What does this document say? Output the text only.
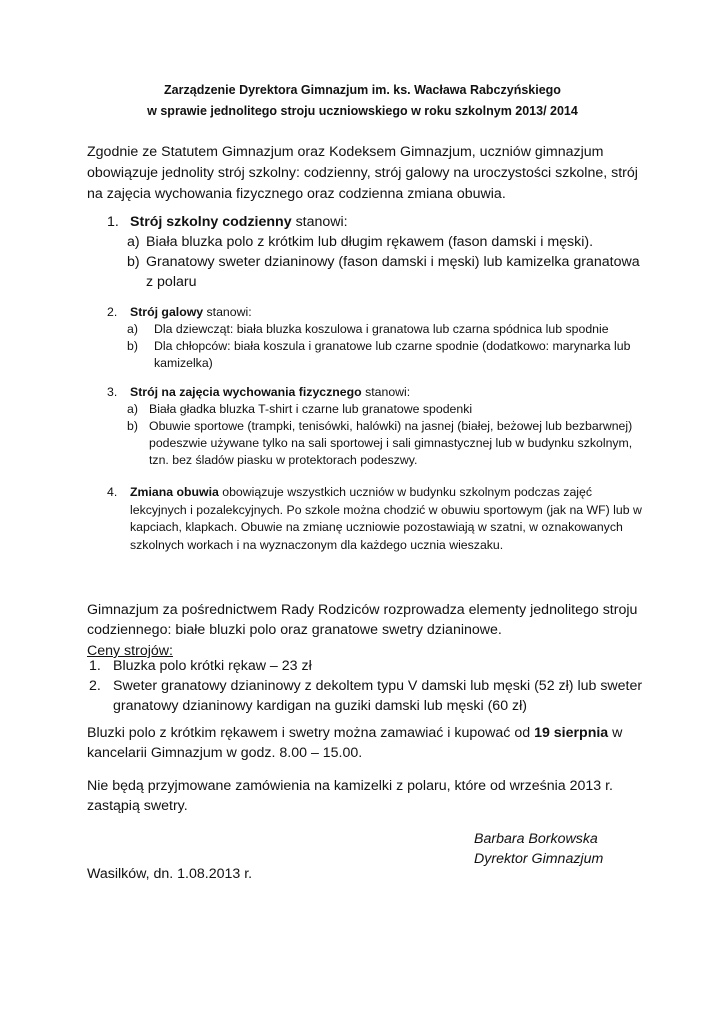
Zarządzenie Dyrektora Gimnazjum im. ks. Wacława Rabczyńskiego
w sprawie jednolitego stroju uczniowskiego w roku szkolnym 2013/ 2014
Zgodnie ze Statutem Gimnazjum oraz Kodeksem Gimnazjum, uczniów gimnazjum obowiązuje jednolity strój szkolny: codzienny, strój galowy na uroczystości szkolne, strój na zajęcia wychowania fizycznego oraz codzienna zmiana obuwia.
1. Strój szkolny codzienny stanowi:
a) Biała bluzka polo z krótkim lub długim rękawem (fason damski i męski).
b) Granatowy sweter dzianinowy (fason damski i męski) lub kamizelka granatowa z polaru
2. Strój galowy stanowi:
a) Dla dziewcząt: biała bluzka koszulowa i granatowa lub czarna spódnica lub spodnie
b) Dla chłopców: biała koszula i granatowe lub czarne spodnie (dodatkowo: marynarka lub kamizelka)
3. Strój na zajęcia wychowania fizycznego stanowi:
a) Biała gładka bluzka T-shirt i czarne lub granatowe spodenki
b) Obuwie sportowe (trampki, tenisówki, halówki) na jasnej (białej, beżowej lub bezbarwnej) podeszwie używane tylko na sali sportowej i sali gimnastycznej lub w budynku szkolnym, tzn. bez śladów piasku w protektorach podeszwy.
4. Zmiana obuwia obowiązuje wszystkich uczniów w budynku szkolnym podczas zajęć lekcyjnych i pozalekcyjnych. Po szkole można chodzić w obuwiu sportowym (jak na WF) lub w kapciach, klapkach. Obuwie na zmianę uczniowie pozostawiają w szatni, w oznakowanych szkolnych workach i na wyznaczonym dla każdego ucznia wieszaku.
Gimnazjum za pośrednictwem Rady Rodziców rozprowadza elementy jednolitego stroju codziennego: białe bluzki polo oraz granatowe swetry dzianinowe.
Ceny strojów:
1. Bluzka polo krótki rękaw – 23 zł
2. Sweter granatowy dzianinowy z dekoltem typu V damski lub męski (52 zł) lub sweter granatowy dzianinowy kardigan na guziki damski lub męski (60 zł)
Bluzki polo z krótkim rękawem i swetry można zamawiać i kupować od 19 sierpnia w kancelarii Gimnazjum w godz. 8.00 – 15.00.
Nie będą przyjmowane zamówienia na kamizelki z polaru, które od września 2013 r. zastąpią swetry.
Barbara Borkowska
Dyrektor Gimnazjum
Wasilków, dn. 1.08.2013 r.
